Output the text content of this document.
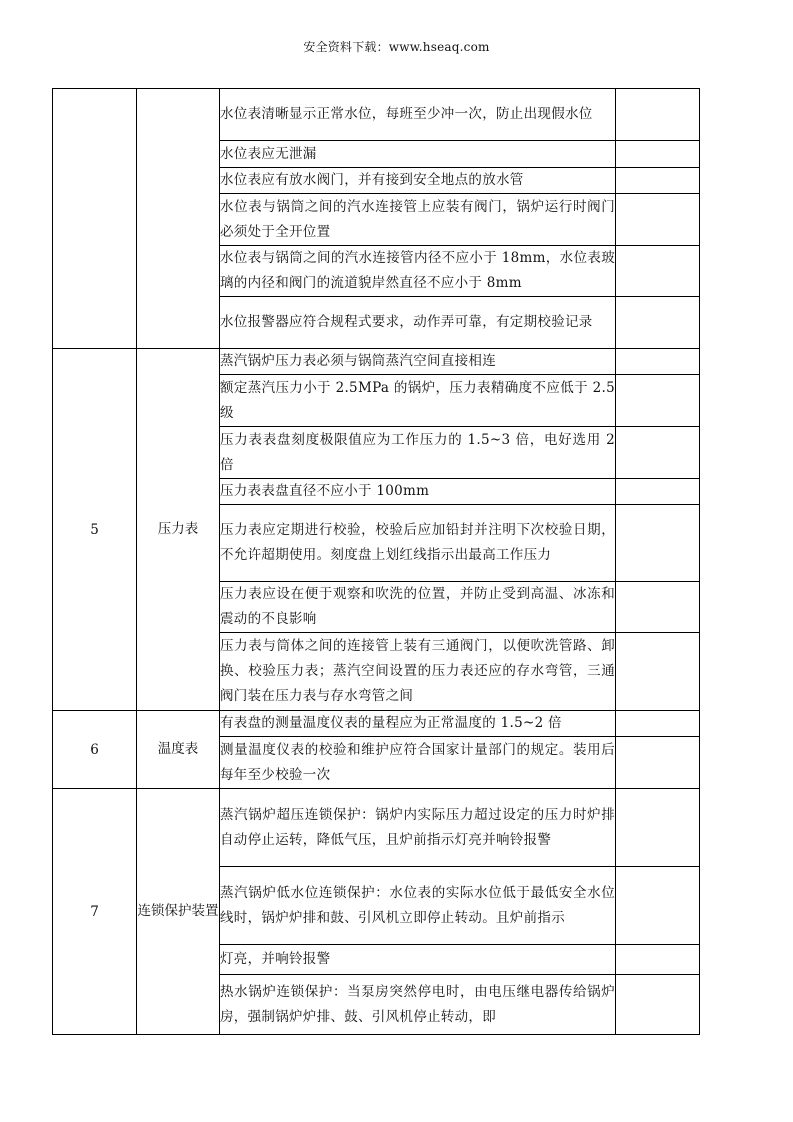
安全资料下载：www.hseaq.com
		水位表清晰显示正常水位，每班至少冲一次，防止出现假水位	
		水位表应无泄漏	
		水位表应有放水阀门，并有接到安全地点的放水管	
		水位表与锅筒之间的汽水连接管上应装有阀门，锅炉运行时阀门必须处于全开位置	
		水位表与锅筒之间的汽水连接管内径不应小于 18mm，水位表玻璃的内径和阀门的流道貌岸然直径不应小于 8mm	
		水位报警器应符合规程式要求，动作弄可靠，有定期校验记录	
5	压力表	蒸汽锅炉压力表必须与锅筒蒸汽空间直接相连	
		额定蒸汽压力小于 2.5MPa 的锅炉，压力表精确度不应低于 2.5 级	
		压力表表盘刻度极限值应为工作压力的 1.5~3 倍，电好选用 2 倍	
		压力表表盘直径不应小于 100mm	
		压力表应定期进行校验，校验后应加铅封并注明下次校验日期，不允许超期使用。刻度盘上划红线指示出最高工作压力	
		压力表应设在便于观察和吹洗的位置，并防止受到高温、冰冻和震动的不良影响	
		压力表与筒体之间的连接管上装有三通阀门，以便吹洗管路、卸换、校验压力表；蒸汽空间设置的压力表还应的存水弯管，三通阀门装在压力表与存水弯管之间	
6	温度表	有表盘的测量温度仪表的量程应为正常温度的 1.5~2 倍	
		测量温度仪表的校验和维护应符合国家计量部门的规定。装用后每年至少校验一次	
7	连锁保护装置	蒸汽锅炉超压连锁保护：锅炉内实际压力超过设定的压力时炉排自动停止运转，降低气压，且炉前指示灯亮并响铃报警	
		蒸汽锅炉低水位连锁保护：水位表的实际水位低于最低安全水位线时，锅炉炉排和鼓、引风机立即停止转动。且炉前指示	
		灯亮，并响铃报警	
		热水锅炉连锁保护：当泵房突然停电时，由电压继电器传给锅炉房，强制锅炉炉排、鼓、引风机停止转动，即	
